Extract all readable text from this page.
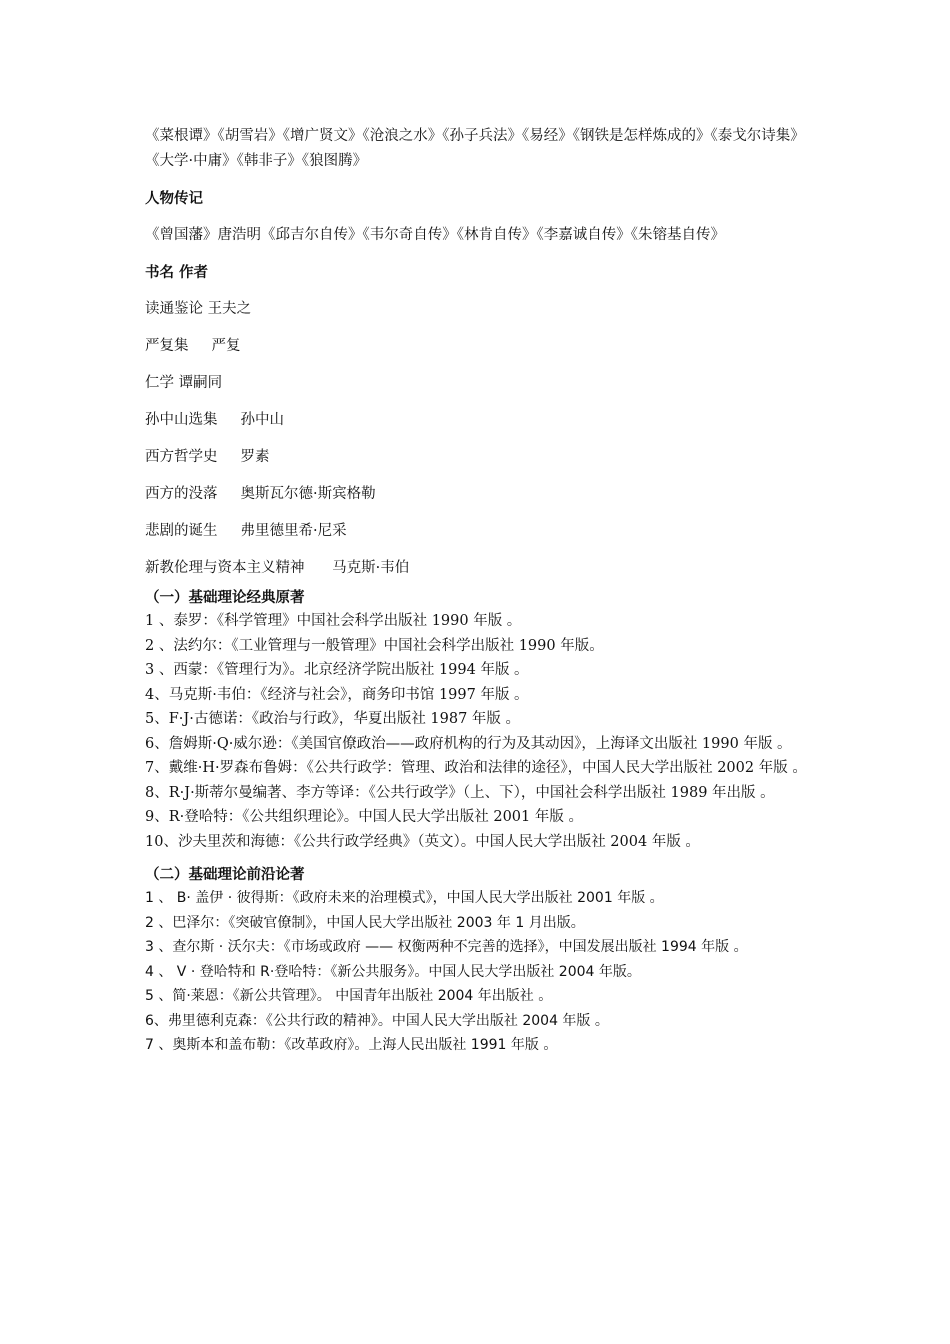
《菜根谭》《胡雪岩》《增广贤文》《沧浪之水》《孙子兵法》《易经》《钢铁是怎样炼成的》《泰戈尔诗集》《大学·中庸》《韩非子》《狼图腾》

人物传记

《曾国藩》唐浩明《邱吉尔自传》《韦尔奇自传》《林肯自传》《李嘉诚自传》《朱镕基自传》

书名 作者

读通鉴论 王夫之

严复集     严复

仁学 谭嗣同

孙中山选集     孙中山

西方哲学史     罗素

西方的没落     奥斯瓦尔德·斯宾格勒

悲剧的诞生     弗里德里希·尼采

新教伦理与资本主义精神      马克斯·韦伯

（一）基础理论经典原著

1 、泰罗：《科学管理》中国社会科学出版社 1990 年版 。

2 、法约尔：《工业管理与一般管理》中国社会科学出版社 1990 年版。

3 、西蒙：《管理行为》。北京经济学院出版社 1994 年版 。

4、马克斯·韦伯：《经济与社会》，商务印书馆 1997 年版 。

5、F·J·古德诺：《政治与行政》，华夏出版社 1987 年版 。

6、詹姆斯·Q·威尔逊：《美国官僚政治——政府机构的行为及其动因》，上海译文出版社 1990 年版 。

7、戴维·H·罗森布鲁姆：《公共行政学：管理、政治和法律的途径》，中国人民大学出版社 2002 年版 。

8、R·J·斯蒂尔曼编著、李方等译：《公共行政学》（上、下），中国社会科学出版社 1989 年出版 。

9、R·登哈特：《公共组织理论》。中国人民大学出版社 2001 年版 。

10、沙夫里茨和海德：《公共行政学经典》（英文）。中国人民大学出版社 2004 年版 。

（二）基础理论前沿论著

1 、 B· 盖伊 · 彼得斯：《政府未来的治理模式》，中国人民大学出版社 2001 年版 。

2 、巴泽尔：《突破官僚制》，中国人民大学出版社 2003 年 1 月出版。

3 、查尔斯 · 沃尔夫：《市场或政府 —— 权衡两种不完善的选择》，中国发展出版社 1994 年版 。

4 、 V · 登哈特和 R·登哈特：《新公共服务》。中国人民大学出版社 2004 年版。

5 、简·莱恩：《新公共管理》。 中国青年出版社 2004 年出版社 。

6、弗里德利克森：《公共行政的精神》。中国人民大学出版社 2004 年版 。

7 、奥斯本和盖布勒：《改革政府》。上海人民出版社 1991 年版 。
